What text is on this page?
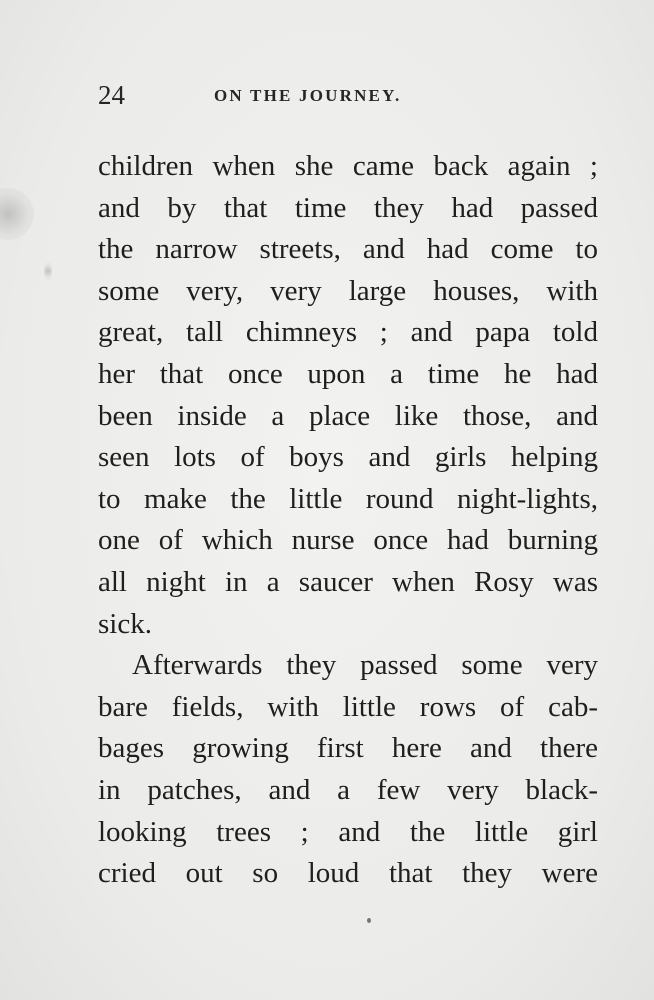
24	ON THE JOURNEY.
children when she came back again ;
and by that time they had passed
the narrow streets, and had come to
some very, very large houses, with
great, tall chimneys ; and papa told
her that once upon a time he had
been inside a place like those, and
seen lots of boys and girls helping
to make the little round night-lights,
one of which nurse once had burning
all night in a saucer when Rosy was
sick.
Afterwards they passed some very
bare fields, with little rows of cab-
bages growing first here and there
in patches, and a few very black-
looking trees ; and the little girl
cried out so loud that they were
